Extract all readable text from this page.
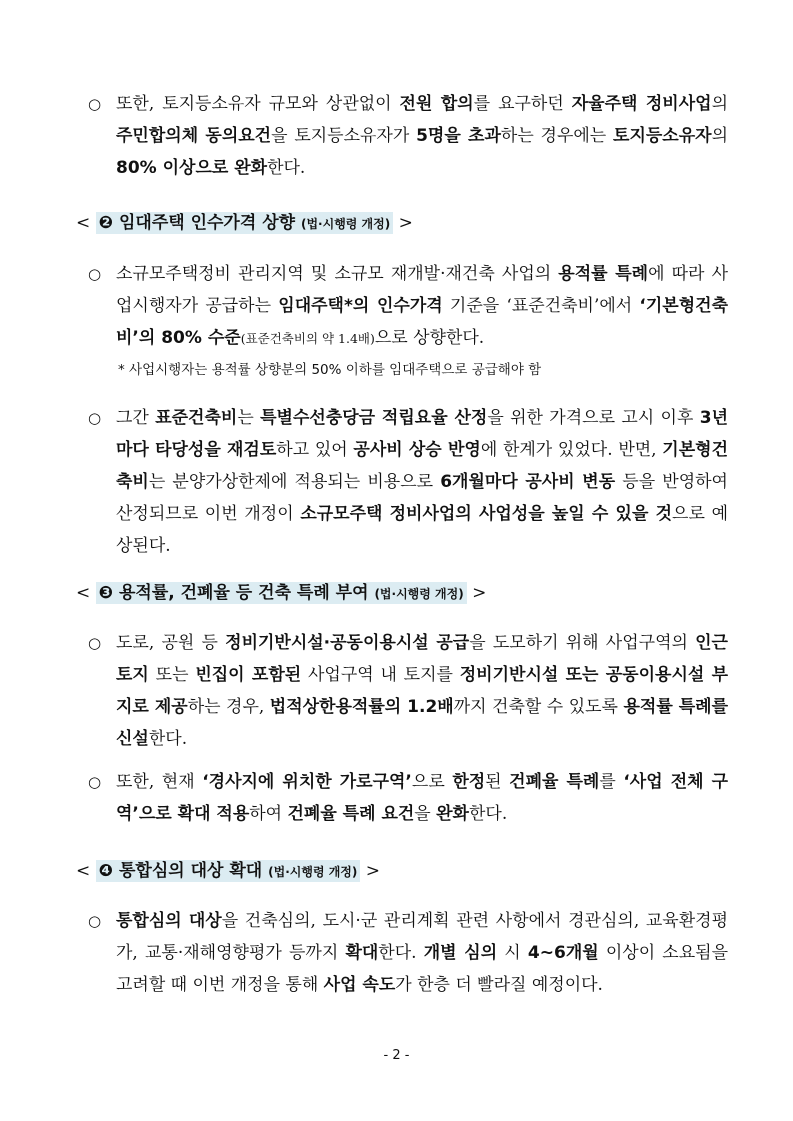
○ 또한, 토지등소유자 규모와 상관없이 전원 합의를 요구하던 자율주택 정비사업의 주민합의체 동의요건을 토지등소유자가 5명을 초과하는 경우에는 토지등소유자의 80% 이상으로 완화한다.
< ❷ 임대주택 인수가격 상향 (법·시행령 개정) >
○ 소규모주택정비 관리지역 및 소규모 재개발·재건축 사업의 용적률 특례에 따라 사업시행자가 공급하는 임대주택*의 인수가격 기준을 ‘표준건축비’에서 ‘기본형건축비’의 80% 수준(표준건축비의 약 1.4배)으로 상향한다.
* 사업시행자는 용적률 상향분의 50% 이하를 임대주택으로 공급해야 함
○ 그간 표준건축비는 특별수선충당금 적립요율 산정을 위한 가격으로 고시 이후 3년마다 타당성을 재검토하고 있어 공사비 상승 반영에 한계가 있었다. 반면, 기본형건축비는 분양가상한제에 적용되는 비용으로 6개월마다 공사비 변동 등을 반영하여 산정되므로 이번 개정이 소규모주택 정비사업의 사업성을 높일 수 있을 것으로 예상된다.
< ❸ 용적률, 건폐율 등 건축 특례 부여 (법·시행령 개정) >
○ 도로, 공원 등 정비기반시설·공동이용시설 공급을 도모하기 위해 사업구역의 인근 토지 또는 빈집이 포함된 사업구역 내 토지를 정비기반시설 또는 공동이용시설 부지로 제공하는 경우, 법적상한용적률의 1.2배까지 건축할 수 있도록 용적률 특례를 신설한다.
○ 또한, 현재 ‘경사지에 위치한 가로구역’으로 한정된 건폐율 특례를 ‘사업 전체 구역’으로 확대 적용하여 건폐율 특례 요건을 완화한다.
< ❹ 통합심의 대상 확대 (법·시행령 개정) >
○ 통합심의 대상을 건축심의, 도시·군 관리계획 관련 사항에서 경관심의, 교육환경평가, 교통·재해영향평가 등까지 확대한다. 개별 심의 시 4~6개월 이상이 소요됨을 고려할 때 이번 개정을 통해 사업 속도가 한층 더 빨라질 예정이다.
- 2 -
